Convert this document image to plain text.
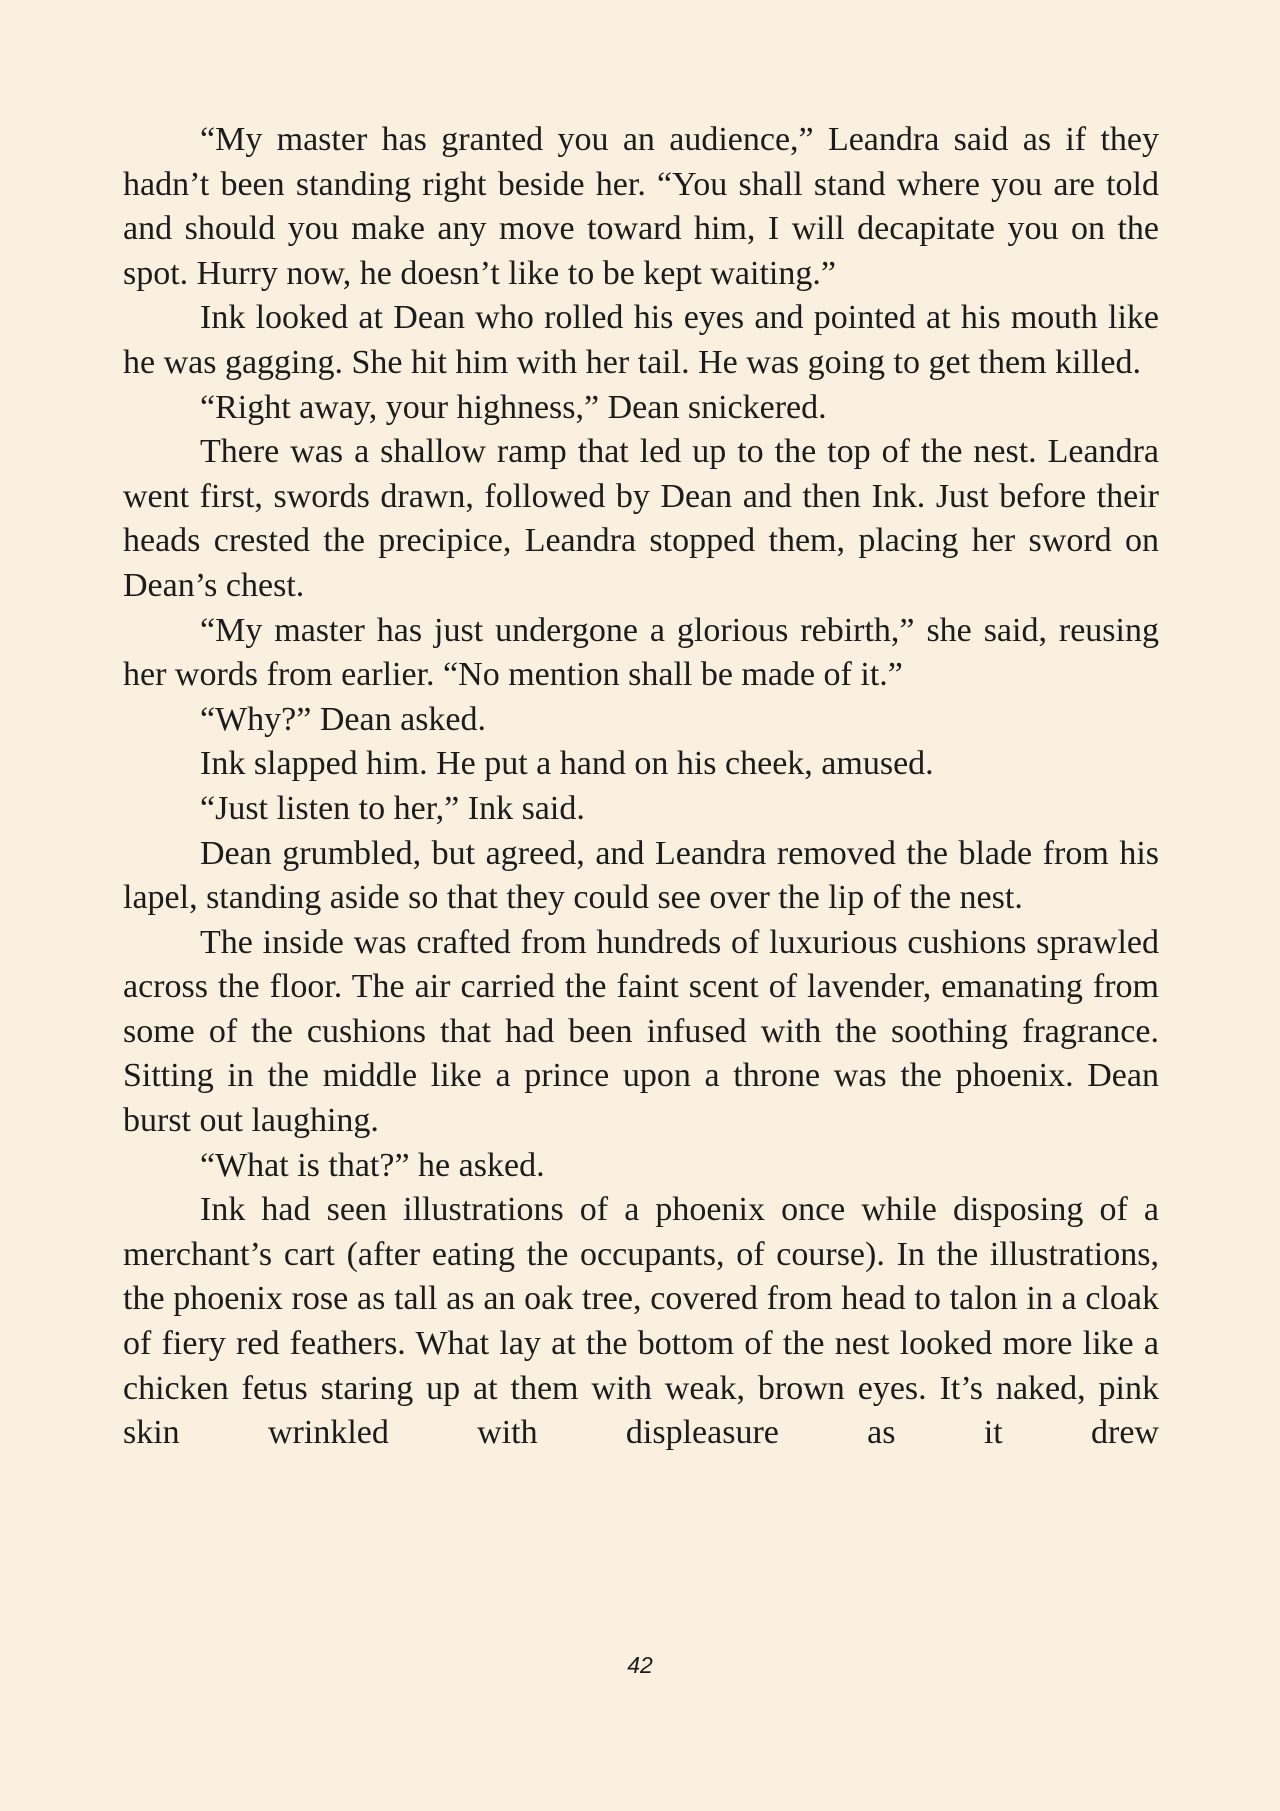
“My master has granted you an audience,” Leandra said as if they hadn’t been standing right beside her. “You shall stand where you are told and should you make any move toward him, I will decapitate you on the spot. Hurry now, he doesn’t like to be kept waiting.”

Ink looked at Dean who rolled his eyes and pointed at his mouth like he was gagging. She hit him with her tail. He was going to get them killed.

“Right away, your highness,” Dean snickered.

There was a shallow ramp that led up to the top of the nest. Leandra went first, swords drawn, followed by Dean and then Ink. Just before their heads crested the precipice, Leandra stopped them, placing her sword on Dean’s chest.

“My master has just undergone a glorious rebirth,” she said, reusing her words from earlier. “No mention shall be made of it.”

“Why?” Dean asked.

Ink slapped him. He put a hand on his cheek, amused.

“Just listen to her,” Ink said.

Dean grumbled, but agreed, and Leandra removed the blade from his lapel, standing aside so that they could see over the lip of the nest.

The inside was crafted from hundreds of luxurious cushions sprawled across the floor. The air carried the faint scent of lavender, emanating from some of the cushions that had been infused with the soothing fragrance. Sitting in the middle like a prince upon a throne was the phoenix. Dean burst out laughing.

“What is that?” he asked.

Ink had seen illustrations of a phoenix once while disposing of a merchant’s cart (after eating the occupants, of course). In the illustrations, the phoenix rose as tall as an oak tree, covered from head to talon in a cloak of fiery red feathers. What lay at the bottom of the nest looked more like a chicken fetus staring up at them with weak, brown eyes. It’s naked, pink skin wrinkled with displeasure as it drew

42
